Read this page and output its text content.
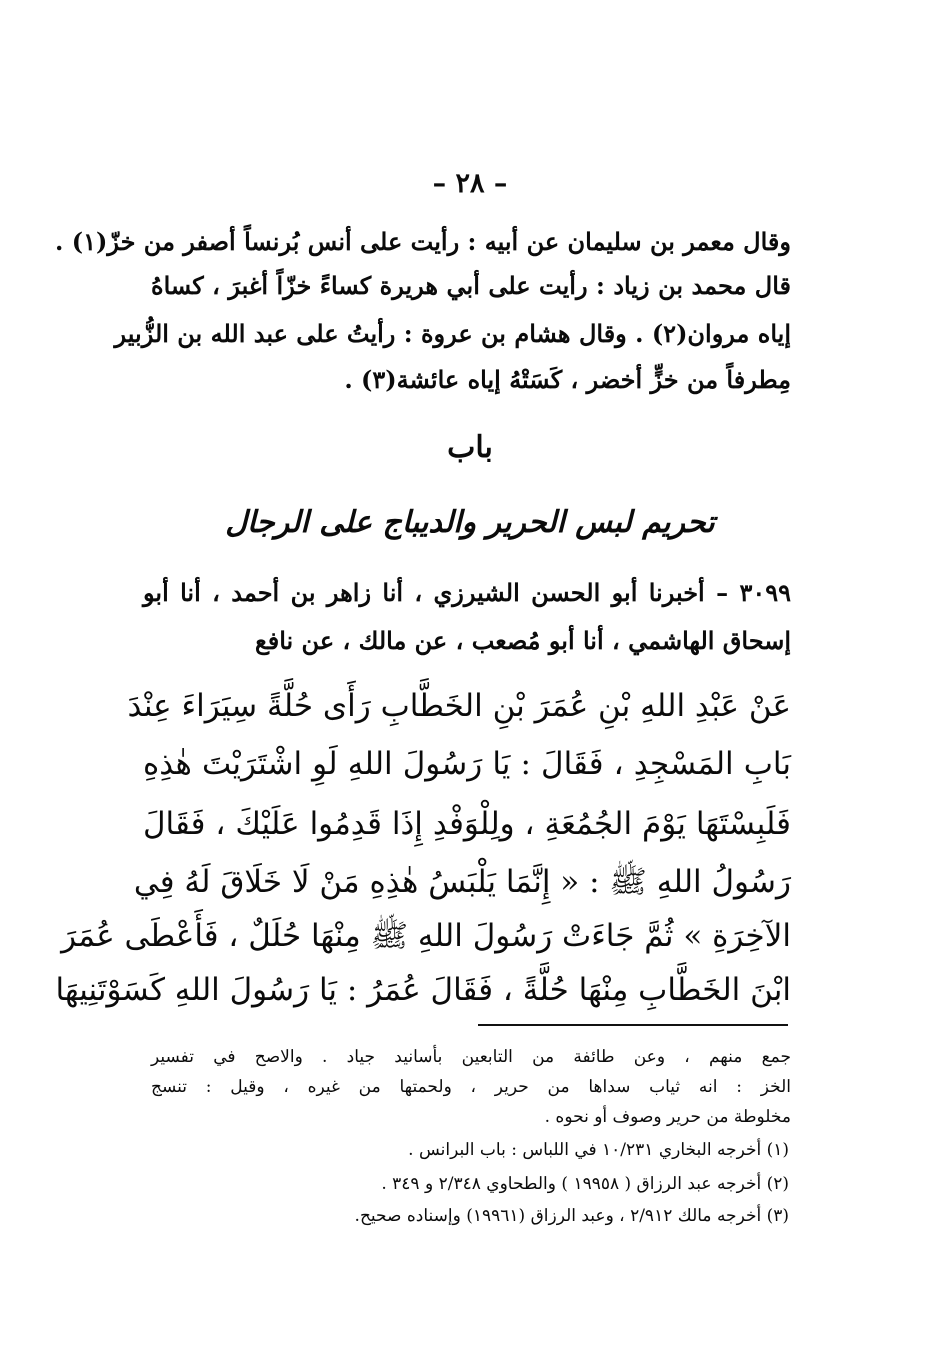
– ٢٨ –
وقال معمر بن سليمان عن أبيه : رأيت على أنس بُرنساً أصفر من خزّ(١) .
قال محمد بن زياد : رأيت على أبي هريرة كساءً خزّاً أغبرَ ، كساهُ
إياه مروان(٢) . وقال هشام بن عروة : رأيتُ على عبد الله بن الزُّبير
مِطرفاً من خزٍّ أخضر ، كَسَتْهُ إياه عائشة(٣) .
باب
تحريم لبس الحرير والديباج على الرجال
٣٠٩٩ – أخبرنا أبو الحسن الشيرزي ، أنا زاهر بن أحمد ، أنا أبو
إسحاق الهاشمي ، أنا أبو مُصعب ، عن مالك ، عن نافع
عَنْ عَبْدِ اللهِ بْنِ عُمَرَ بْنِ الخَطَّابِ رَأَى حُلَّةً سِيَرَاءَ عِنْدَ
بَابِ المَسْجِدِ ، فَقَالَ : يَا رَسُولَ اللهِ لَوِ اشْتَرَيْتَ هٰذِهِ
فَلَبِسْتَهَا يَوْمَ الجُمُعَةِ ، ولِلْوَفْدِ إِذَا قَدِمُوا عَلَيْكَ ، فَقَالَ
رَسُولُ اللهِ ﷺ : « إِنَّمَا يَلْبَسُ هٰذِهِ مَنْ لَا خَلَاقَ لَهُ فِي
الآخِرَةِ » ثُمَّ جَاءَتْ رَسُولَ اللهِ ﷺ مِنْهَا حُلَلٌ ، فَأَعْطَى عُمَرَ
ابْنَ الخَطَّابِ مِنْهَا حُلَّةً ، فَقَالَ عُمَرُ : يَا رَسُولَ اللهِ كَسَوْتَنِيهَا
جمع منهم ، وعن طائفة من التابعين بأسانيد جياد . والاصح في تفسير
الخز : انه ثياب سداها من حرير ، ولحمتها من غيره ، وقيل : تنسج
مخلوطة من حرير وصوف أو نحوه .
(١) أخرجه البخاري ١٠/٢٣١ في اللباس : باب البرانس .
(٢) أخرجه عبد الرزاق ( ١٩٩٥٨ ) والطحاوي ٢/٣٤٨ و ٣٤٩ .
(٣) أخرجه مالك ٢/٩١٢ ، وعبد الرزاق (١٩٩٦١) وإسناده صحيح.
